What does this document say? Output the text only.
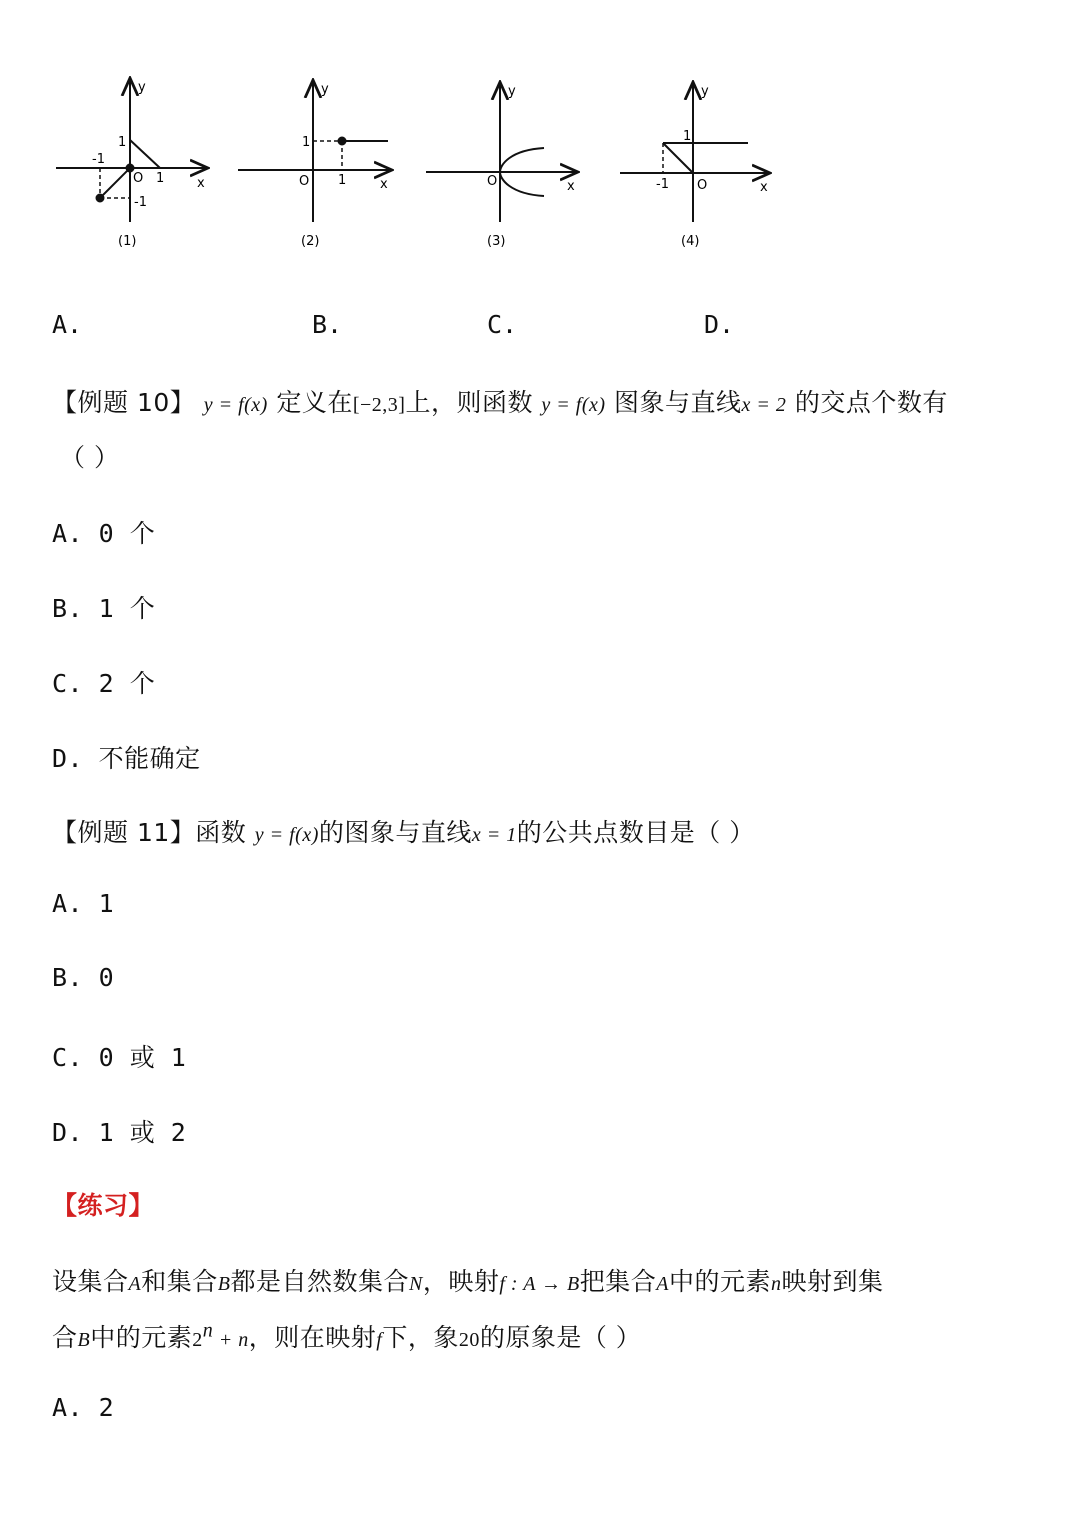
y
x
O
1
-1
1
-1
(1)
y
x
O
1
1
(2)
y
x
O
(3)
y
x
O
1
-1
(4)
A.	B.	C.	D.
【例题 10】 y = f(x) 定义在[−2,3]上，则函数 y = f(x) 图象与直线x = 2 的交点个数有
（ ）
A. 0 个
B. 1 个
C. 2 个
D. 不能确定
【例题 11】函数 y = f(x)的图象与直线x = 1的公共点数目是（ ）
A. 1
B. 0
C. 0 或 1
D. 1 或 2
【练习】
设集合A和集合B都是自然数集合N，映射f : A → B把集合A中的元素n映射到集
合B中的元素$2^n + n$，则在映射f下，象20的原象是（ ）
A. 2
